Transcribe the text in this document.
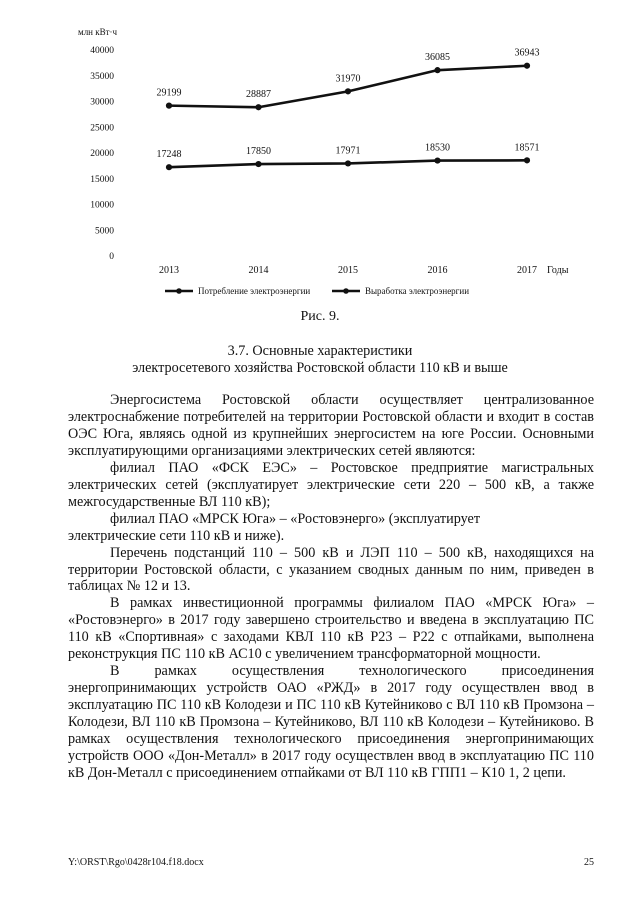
млн кВт·ч
0
5000
10000
15000
20000
25000
30000
35000
40000
2013	2014	2015	2016	2017 Годы
17248	17850	17971	18530	18571
29199	28887
31970
36085	36943
Потребление электроэнергии	Выработка электроэнергии
Рис. 9.
3.7. Основные характеристики
электросетевого хозяйства Ростовской области 110 кВ и выше

Энергосистема Ростовской области осуществляет централизованное электроснабжение потребителей на территории Ростовской области и входит в состав ОЭС Юга, являясь одной из крупнейших энергосистем на юге России. Основными эксплуатирующими организациями электрических сетей являются:

филиал ПАО «ФСК ЕЭС» – Ростовское предприятие магистральных электрических сетей (эксплуатирует электрические сети 220 – 500 кВ, а также межгосударственные ВЛ 110 кВ);

филиал ПАО «МРСК Юга» – «Ростовэнерго» (эксплуатирует

электрические сети 110 кВ и ниже).

Перечень подстанций 110 – 500 кВ и ЛЭП 110 – 500 кВ, находящихся на территории Ростовской области, с указанием сводных данным по ним, приведен в таблицах № 12 и 13.

В рамках инвестиционной программы филиалом ПАО «МРСК Юга» – «Ростовэнерго» в 2017 году завершено строительство и введена в эксплуатацию ПС 110 кВ «Спортивная» с заходами КВЛ 110 кВ Р23 – Р22 с отпайками, выполнена реконструкция ПС 110 кВ АС10 с увеличением трансформаторной мощности.

В рамках осуществления технологического присоединения энергопринимающих устройств ОАО «РЖД» в 2017 году осуществлен ввод в эксплуатацию ПС 110 кВ Колодези и ПС 110 кВ Кутейниково с ВЛ 110 кВ Промзона – Колодези, ВЛ 110 кВ Промзона – Кутейниково, ВЛ 110 кВ Колодези – Кутейниково. В рамках осуществления технологического присоединения энергопринимающих устройств ООО «Дон-Металл» в 2017 году осуществлен ввод в эксплуатацию ПС 110 кВ Дон-Металл с присоединением отпайками от ВЛ 110 кВ ГПП1 – К10 1, 2 цепи.

Y:\ORST\Rgo\0428r104.f18.docx	25
